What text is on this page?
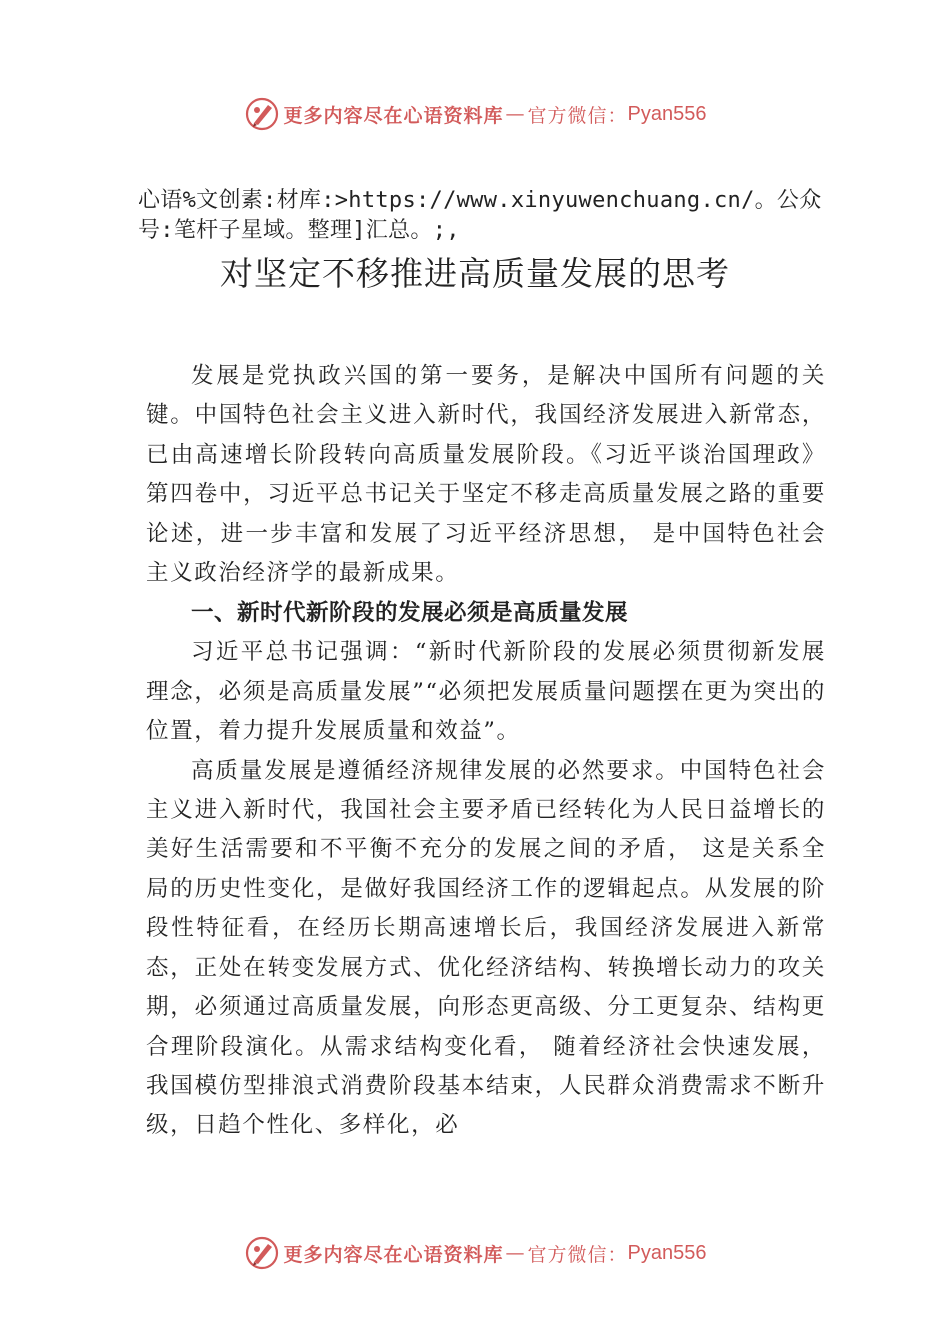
更多内容尽在心语资料库 — 官方微信： Pyan556
心语%文创素:材库:>https://www.xinyuwenchuang.cn/。公众号:笔杆子星域。整理]汇总。;,
对坚定不移推进高质量发展的思考

发展是党执政兴国的第一要务，是解决中国所有问题的关键。中国特色社会主义进入新时代，我国经济发展进入新常态，已由高速增长阶段转向高质量发展阶段。《习近平谈治国理政》第四卷中，习近平总书记关于坚定不移走高质量发展之路的重要论述，进一步丰富和发展了习近平经济思想， 是中国特色社会主义政治经济学的最新成果。

一、新时代新阶段的发展必须是高质量发展

习近平总书记强调：“新时代新阶段的发展必须贯彻新发展理念，必须是高质量发展”“必须把发展质量问题摆在更为突出的位置，着力提升发展质量和效益”。

高质量发展是遵循经济规律发展的必然要求。中国特色社会主义进入新时代，我国社会主要矛盾已经转化为人民日益增长的美好生活需要和不平衡不充分的发展之间的矛盾， 这是关系全局的历史性变化，是做好我国经济工作的逻辑起点。从发展的阶段性特征看，在经历长期高速增长后，我国经济发展进入新常态，正处在转变发展方式、优化经济结构、转换增长动力的攻关期，必须通过高质量发展，向形态更高级、分工更复杂、结构更合理阶段演化。从需求结构变化看， 随着经济社会快速发展，我国模仿型排浪式消费阶段基本结束，人民群众消费需求不断升级，日趋个性化、多样化，必

更多内容尽在心语资料库 — 官方微信： Pyan556
